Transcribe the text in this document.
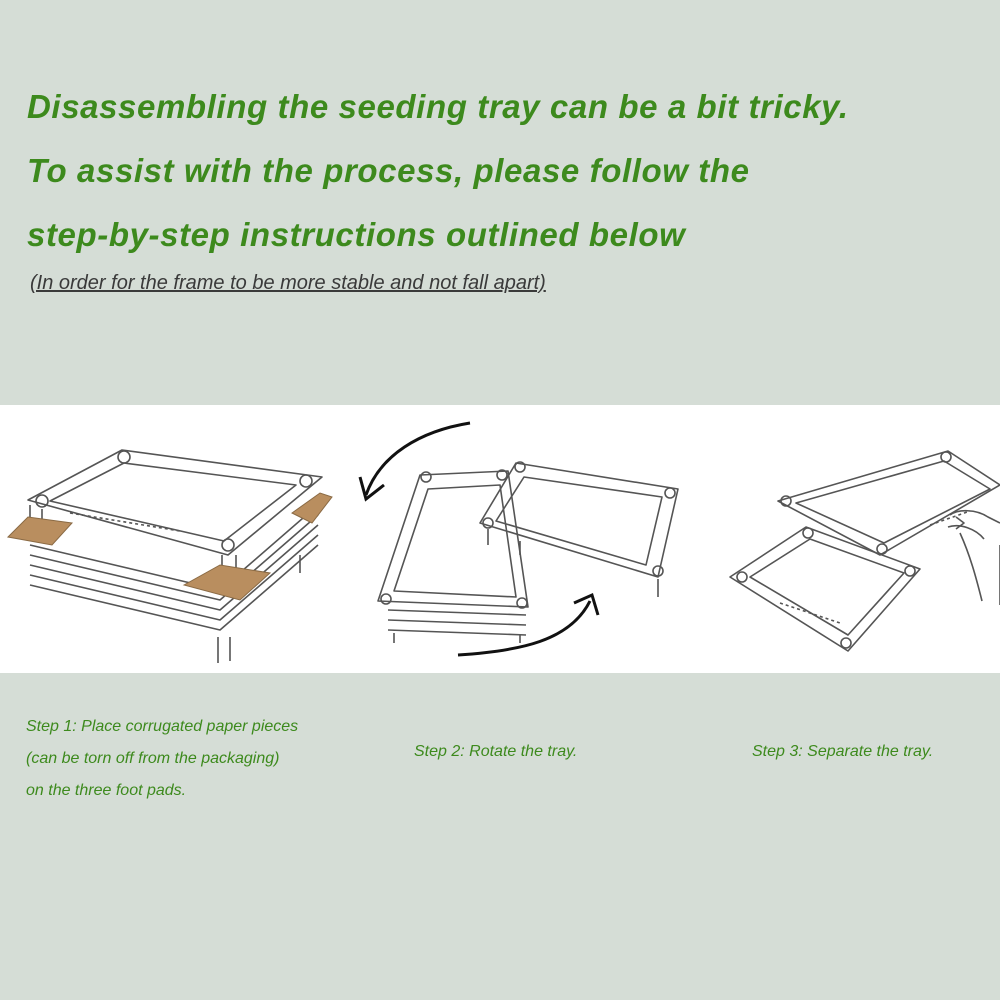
Disassembling the seeding tray can be a bit tricky.
To assist with the process, please follow the
step-by-step instructions outlined below

(In order for the frame to be more stable and not fall apart)

Step 1: Place corrugated paper pieces
(can be torn off from the packaging)
on the three foot pads.

Step 2: Rotate the tray.	Step 3: Separate the tray.
